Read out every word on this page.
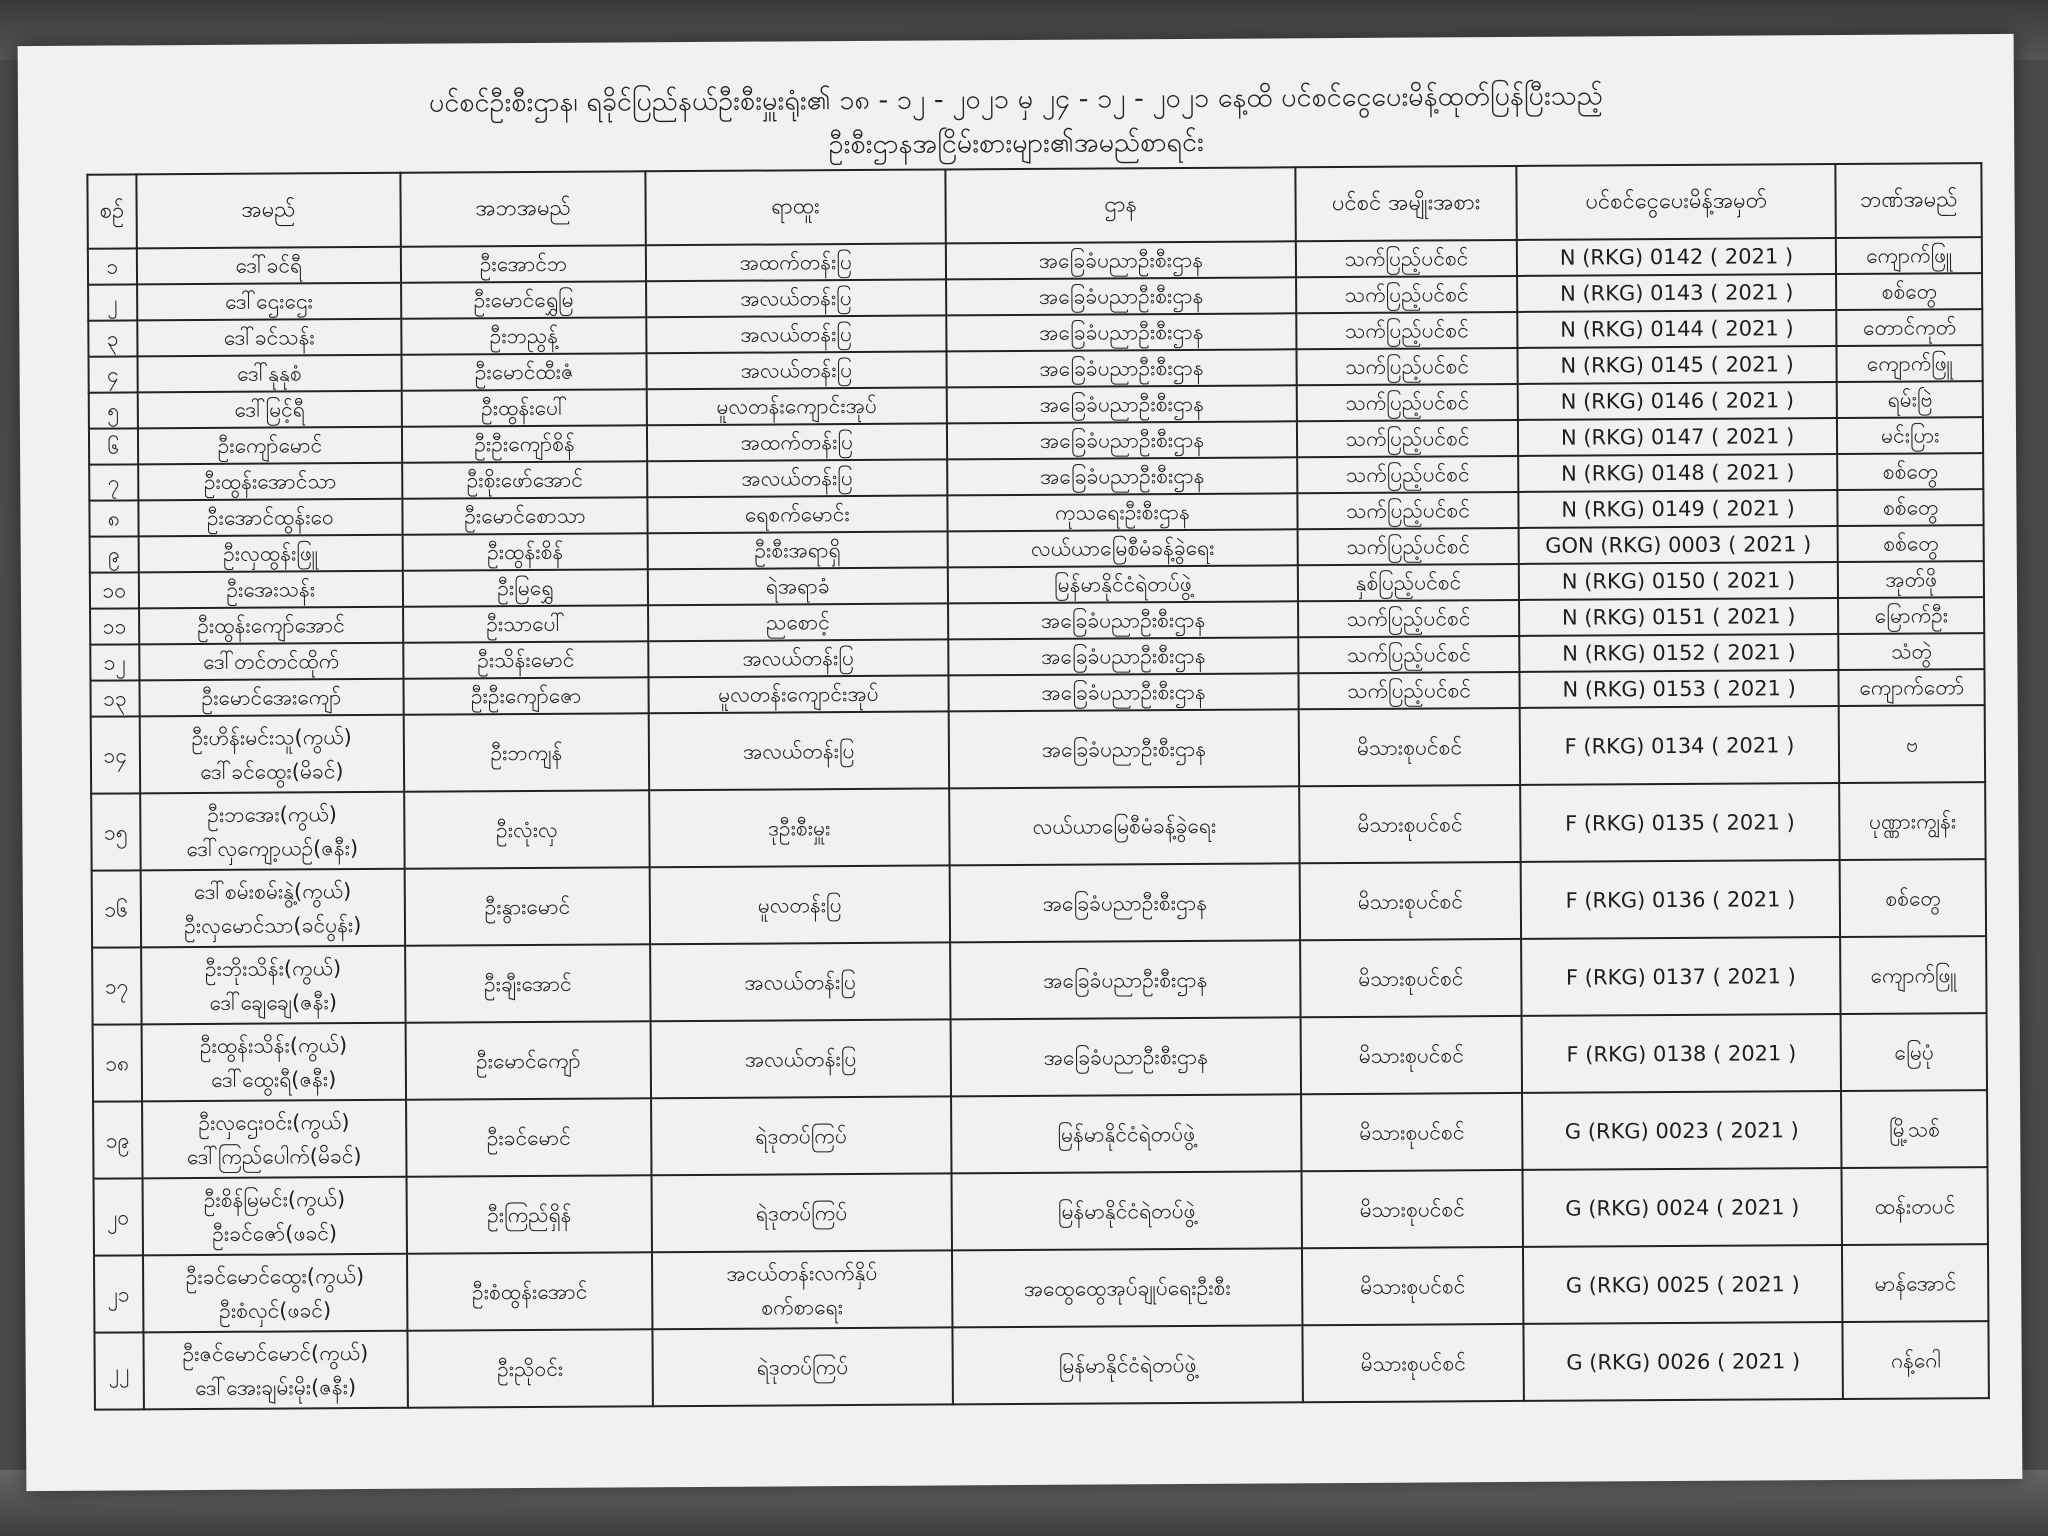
ပင်စင်ဦးစီးဌာန၊ ရခိုင်ပြည်နယ်ဦးစီးမှူးရုံး၏ ၁၈ - ၁၂ - ၂၀၂၁ မှ ၂၄ - ၁၂ - ၂၀၂၁ နေ့ထိ ပင်စင်ငွေပေးမိန့်ထုတ်ပြန်ပြီးသည့်
ဦးစီးဌာနအငြိမ်းစားများ၏အမည်စာရင်း
စဉ်	အမည်	အဘအမည်	ရာထူး	ဌာန	ပင်စင် အမျိုးအစား	ပင်စင်ငွေပေးမိန့်အမှတ်	ဘဏ်အမည်
၁	ဒေါ်ခင်ရီ	ဦးအောင်ဘ	အထက်တန်းပြ	အခြေခံပညာဦးစီးဌာန	သက်ပြည့်ပင်စင်	N (RKG) 0142 ( 2021 )	ကျောက်ဖြူ
၂	ဒေါ်ဌေးဌေး	ဦးမောင်ရွှေမြ	အလယ်တန်းပြ	အခြေခံပညာဦးစီးဌာန	သက်ပြည့်ပင်စင်	N (RKG) 0143 ( 2021 )	စစ်တွေ
၃	ဒေါ်ခင်သန်း	ဦးဘညွန့်	အလယ်တန်းပြ	အခြေခံပညာဦးစီးဌာန	သက်ပြည့်ပင်စင်	N (RKG) 0144 ( 2021 )	တောင်ကုတ်
၄	ဒေါ်နုနုစံ	ဦးမောင်ထီးဇံ	အလယ်တန်းပြ	အခြေခံပညာဦးစီးဌာန	သက်ပြည့်ပင်စင်	N (RKG) 0145 ( 2021 )	ကျောက်ဖြူ
၅	ဒေါ်မြင့်ရီ	ဦးထွန်းပေါ်	မူလတန်းကျောင်းအုပ်	အခြေခံပညာဦးစီးဌာန	သက်ပြည့်ပင်စင်	N (RKG) 0146 ( 2021 )	ရမ်းဗြဲ
၆	ဦးကျော်မောင်	ဦးဦးကျော်စိန်	အထက်တန်းပြ	အခြေခံပညာဦးစီးဌာန	သက်ပြည့်ပင်စင်	N (RKG) 0147 ( 2021 )	မင်းပြား
၇	ဦးထွန်းအောင်သာ	ဦးစိုးဖော်အောင်	အလယ်တန်းပြ	အခြေခံပညာဦးစီးဌာန	သက်ပြည့်ပင်စင်	N (RKG) 0148 ( 2021 )	စစ်တွေ
၈	ဦးအောင်ထွန်းဝေ	ဦးမောင်စောသာ	ရေစက်မောင်း	ကုသရေးဦးစီးဌာန	သက်ပြည့်ပင်စင်	N (RKG) 0149 ( 2021 )	စစ်တွေ
၉	ဦးလှထွန်းဖြူ	ဦးထွန်းစိန်	ဦးစီးအရာရှိ	လယ်ယာမြေစီမံခန့်ခွဲရေး	သက်ပြည့်ပင်စင်	GON (RKG) 0003 ( 2021 )	စစ်တွေ
၁၀	ဦးအေးသန်း	ဦးမြရွှေ	ရဲအရာခံ	မြန်မာနိုင်ငံရဲတပ်ဖွဲ့	နှစ်ပြည့်ပင်စင်	N (RKG) 0150 ( 2021 )	အုတ်ဖို
၁၁	ဦးထွန်းကျော်အောင်	ဦးသာပေါ်	ညစောင့်	အခြေခံပညာဦးစီးဌာန	သက်ပြည့်ပင်စင်	N (RKG) 0151 ( 2021 )	မြောက်ဦး
၁၂	ဒေါ်တင်တင်ထိုက်	ဦးသိန်းမောင်	အလယ်တန်းပြ	အခြေခံပညာဦးစီးဌာန	သက်ပြည့်ပင်စင်	N (RKG) 0152 ( 2021 )	သံတွဲ
၁၃	ဦးမောင်အေးကျော်	ဦးဦးကျော်ဇော	မူလတန်းကျောင်းအုပ်	အခြေခံပညာဦးစီးဌာန	သက်ပြည့်ပင်စင်	N (RKG) 0153 ( 2021 )	ကျောက်တော်
၁၄	ဦးဟိန်းမင်းသူ(ကွယ်)
ဒေါ်ခင်ထွေး(မိခင်)	ဦးဘကျန်	အလယ်တန်းပြ	အခြေခံပညာဦးစီးဌာန	မိသားစုပင်စင်	F (RKG) 0134 ( 2021 )	ဗ
၁၅	ဦးဘအေး(ကွယ်)
ဒေါ်လှကျော့ယဉ်(ဇနီး)	ဦးလုံးလှ	ဒုဦးစီးမှူး	လယ်ယာမြေစီမံခန့်ခွဲရေး	မိသားစုပင်စင်	F (RKG) 0135 ( 2021 )	ပုဏ္ဏားကျွန်း
၁၆	ဒေါ်စမ်းစမ်းနွဲ့(ကွယ်)
ဦးလှမောင်သာ(ခင်ပွန်း)	ဦးနွားမောင်	မူလတန်းပြ	အခြေခံပညာဦးစီးဌာန	မိသားစုပင်စင်	F (RKG) 0136 ( 2021 )	စစ်တွေ
၁၇	ဦးဘိုးသိန်း(ကွယ်)
ဒေါ်ချေချေ(ဇနီး)	ဦးချီးအောင်	အလယ်တန်းပြ	အခြေခံပညာဦးစီးဌာန	မိသားစုပင်စင်	F (RKG) 0137 ( 2021 )	ကျောက်ဖြူ
၁၈	ဦးထွန်းသိန်း(ကွယ်)
ဒေါ်ထွေးရီ(ဇနီး)	ဦးမောင်ကျော်	အလယ်တန်းပြ	အခြေခံပညာဦးစီးဌာန	မိသားစုပင်စင်	F (RKG) 0138 ( 2021 )	မြေပုံ
၁၉	ဦးလှဌေးဝင်း(ကွယ်)
ဒေါ်ကြည်ပေါက်(မိခင်)	ဦးခင်မောင်	ရဲဒုတပ်ကြပ်	မြန်မာနိုင်ငံရဲတပ်ဖွဲ့	မိသားစုပင်စင်	G (RKG) 0023 ( 2021 )	မြို့သစ်
၂၀	ဦးစိန်မြမင်း(ကွယ်)
ဦးခင်ဇော်(ဖခင်)	ဦးကြည်ရှိန်	ရဲဒုတပ်ကြပ်	မြန်မာနိုင်ငံရဲတပ်ဖွဲ့	မိသားစုပင်စင်	G (RKG) 0024 ( 2021 )	ထန်းတပင်
၂၁	ဦးခင်မောင်ထွေး(ကွယ်)
ဦးစံလှင်(ဖခင်)	ဦးစံထွန်းအောင်	အငယ်တန်းလက်နှိပ်
စက်စာရေး	အထွေထွေအုပ်ချုပ်ရေးဦးစီး	မိသားစုပင်စင်	G (RKG) 0025 ( 2021 )	မာန်အောင်
၂၂	ဦးဇင်မောင်မောင်(ကွယ်)
ဒေါ်အေးချမ်းမိုး(ဇနီး)	ဦးညိုဝင်း	ရဲဒုတပ်ကြပ်	မြန်မာနိုင်ငံရဲတပ်ဖွဲ့	မိသားစုပင်စင်	G (RKG) 0026 ( 2021 )	ဂန့်ဂေါ
